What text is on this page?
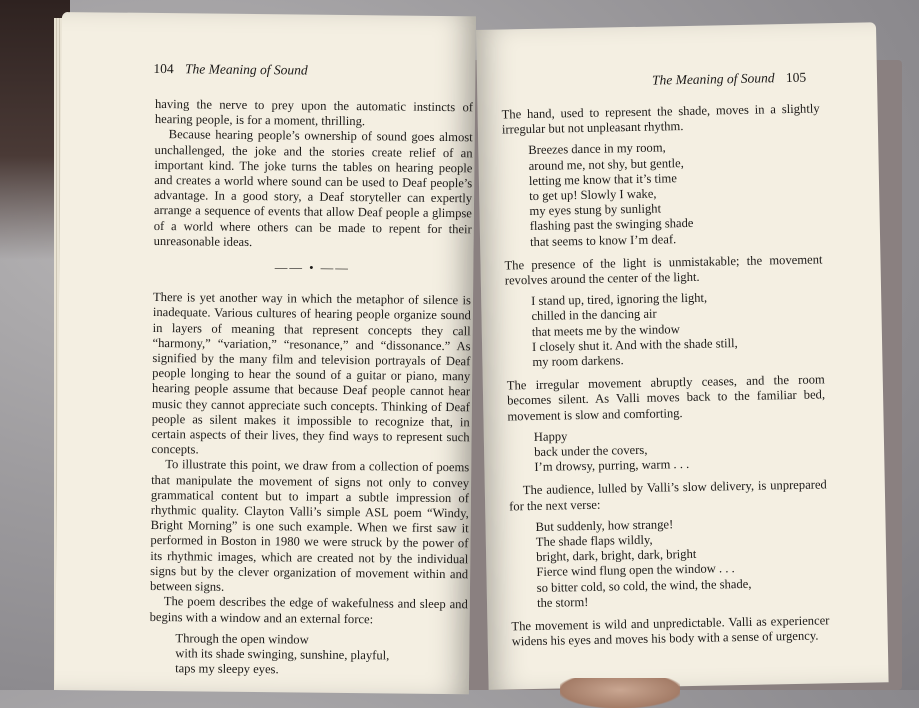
104 The Meaning of Sound

having the nerve to prey upon the automatic instincts of hearing people, is for a moment, thrilling.

Because hearing people’s ownership of sound goes almost unchallenged, the joke and the stories create relief of an important kind. The joke turns the tables on hearing people and creates a world where sound can be used to Deaf people’s advantage. In a good story, a Deaf storyteller can expertly arrange a sequence of events that allow Deaf people a glimpse of a world where others can be made to repent for their unreasonable ideas.

—— • ——

There is yet another way in which the metaphor of silence is inadequate. Various cultures of hearing people organize sound in layers of meaning that represent concepts they call “harmony,” “variation,” “resonance,” and “dissonance.” As signified by the many film and television portrayals of Deaf people longing to hear the sound of a guitar or piano, many hearing people assume that because Deaf people cannot hear music they cannot appreciate such concepts. Thinking of Deaf people as silent makes it impossible to recognize that, in certain aspects of their lives, they find ways to represent such concepts.

To illustrate this point, we draw from a collection of poems that manipulate the movement of signs not only to convey grammatical content but to impart a subtle impression of rhythmic quality. Clayton Valli’s simple ASL poem “Windy, Bright Morning” is one such example. When we first saw it performed in Boston in 1980 we were struck by the power of its rhythmic images, which are created not by the individual signs but by the clever organization of movement within and between signs.

The poem describes the edge of wakefulness and sleep and begins with a window and an external force:

Through the open window
with its shade swinging, sunshine, playful,
taps my sleepy eyes.
The Meaning of Sound 105

The hand, used to represent the shade, moves in a slightly irregular but not unpleasant rhythm.

Breezes dance in my room,
around me, not shy, but gentle,
letting me know that it’s time
to get up! Slowly I wake,
my eyes stung by sunlight
flashing past the swinging shade
that seems to know I’m deaf.

The presence of the light is unmistakable; the movement revolves around the center of the light.

I stand up, tired, ignoring the light,
chilled in the dancing air
that meets me by the window
I closely shut it. And with the shade still,
my room darkens.

The irregular movement abruptly ceases, and the room becomes silent. As Valli moves back to the familiar bed, movement is slow and comforting.

Happy
back under the covers,
I’m drowsy, purring, warm . . .

The audience, lulled by Valli’s slow delivery, is unprepared for the next verse:

But suddenly, how strange!
The shade flaps wildly,
bright, dark, bright, dark, bright
Fierce wind flung open the window . . .
so bitter cold, so cold, the wind, the shade,
the storm!

The movement is wild and unpredictable. Valli as experiencer widens his eyes and moves his body with a sense of urgency.
